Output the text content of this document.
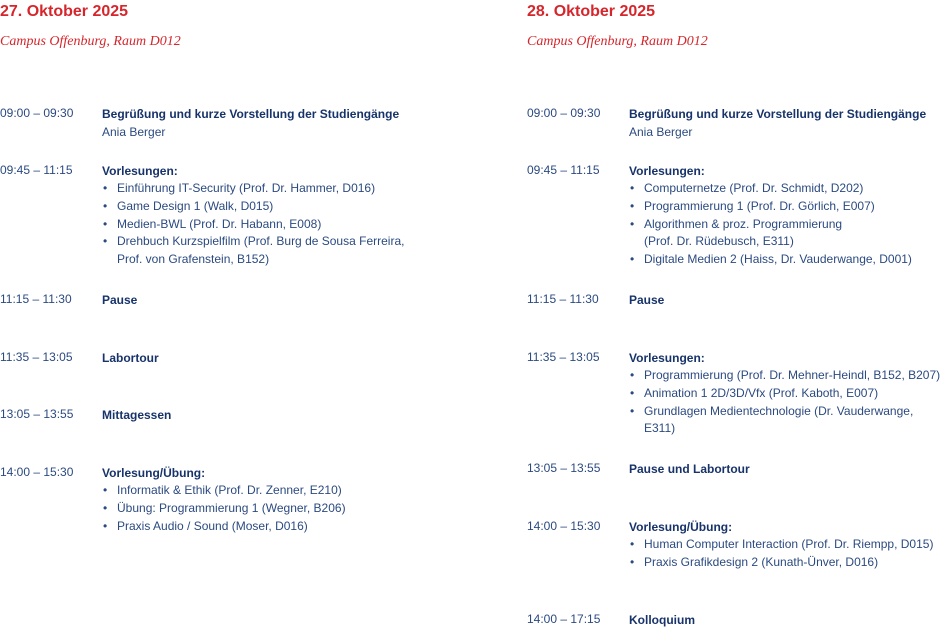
27. Oktober 2025
Campus Offenburg, Raum D012
09:00 – 09:30 Begrüßung und kurze Vorstellung der Studiengänge
Ania Berger
09:45 – 11:15 Vorlesungen:
• Einführung IT-Security (Prof. Dr. Hammer, D016)
• Game Design 1 (Walk, D015)
• Medien-BWL (Prof. Dr. Habann, E008)
• Drehbuch Kurzspielfilm (Prof. Burg de Sousa Ferreira, Prof. von Grafenstein, B152)
11:15 – 11:30	Pause
11:35 – 13:05 Labortour
13:05 – 13:55 Mittagessen
14:00 – 15:30 Vorlesung/Übung:
• Informatik & Ethik (Prof. Dr. Zenner, E210)
• Übung: Programmierung 1 (Wegner, B206)
• Praxis Audio / Sound (Moser, D016)
28. Oktober 2025
Campus Offenburg, Raum D012
09:00 – 09:30 Begrüßung und kurze Vorstellung der Studiengänge
Ania Berger
09:45 – 11:15 Vorlesungen:
• Computernetze (Prof. Dr. Schmidt, D202)
• Programmierung 1 (Prof. Dr. Görlich, E007)
• Algorithmen & proz. Programmierung (Prof. Dr. Rüdebusch, E311)
• Digitale Medien 2 (Haiss, Dr. Vauderwange, D001)
11:15 – 11:30	Pause
11:35 – 13:05 Vorlesungen:
• Programmierung (Prof. Dr. Mehner-Heindl, B152, B207)
• Animation 1 2D/3D/Vfx (Prof. Kaboth, E007)
• Grundlagen Medientechnologie (Dr. Vauderwange, E311)
13:05 – 13:55 Pause und Labortour
14:00 – 15:30 Vorlesung/Übung:
• Human Computer Interaction (Prof. Dr. Riempp, D015)
• Praxis Grafikdesign 2 (Kunath-Ünver, D016)
14:00 – 17:15 Kolloquium
